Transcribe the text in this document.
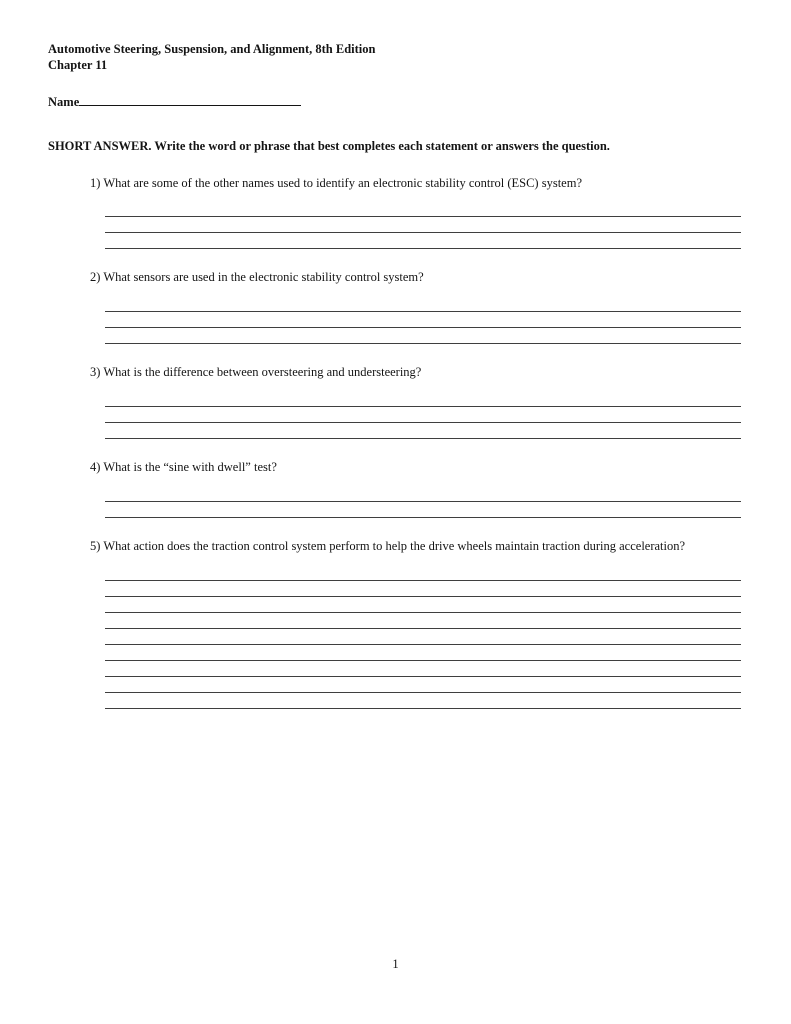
Automotive Steering, Suspension, and Alignment, 8th Edition
Chapter 11
Name
SHORT ANSWER. Write the word or phrase that best completes each statement or answers the question.
1) What are some of the other names used to identify an electronic stability control (ESC) system?
2) What sensors are used in the electronic stability control system?
3) What is the difference between oversteering and understeering?
4) What is the “sine with dwell” test?
5) What action does the traction control system perform to help the drive wheels maintain traction during acceleration?
1
